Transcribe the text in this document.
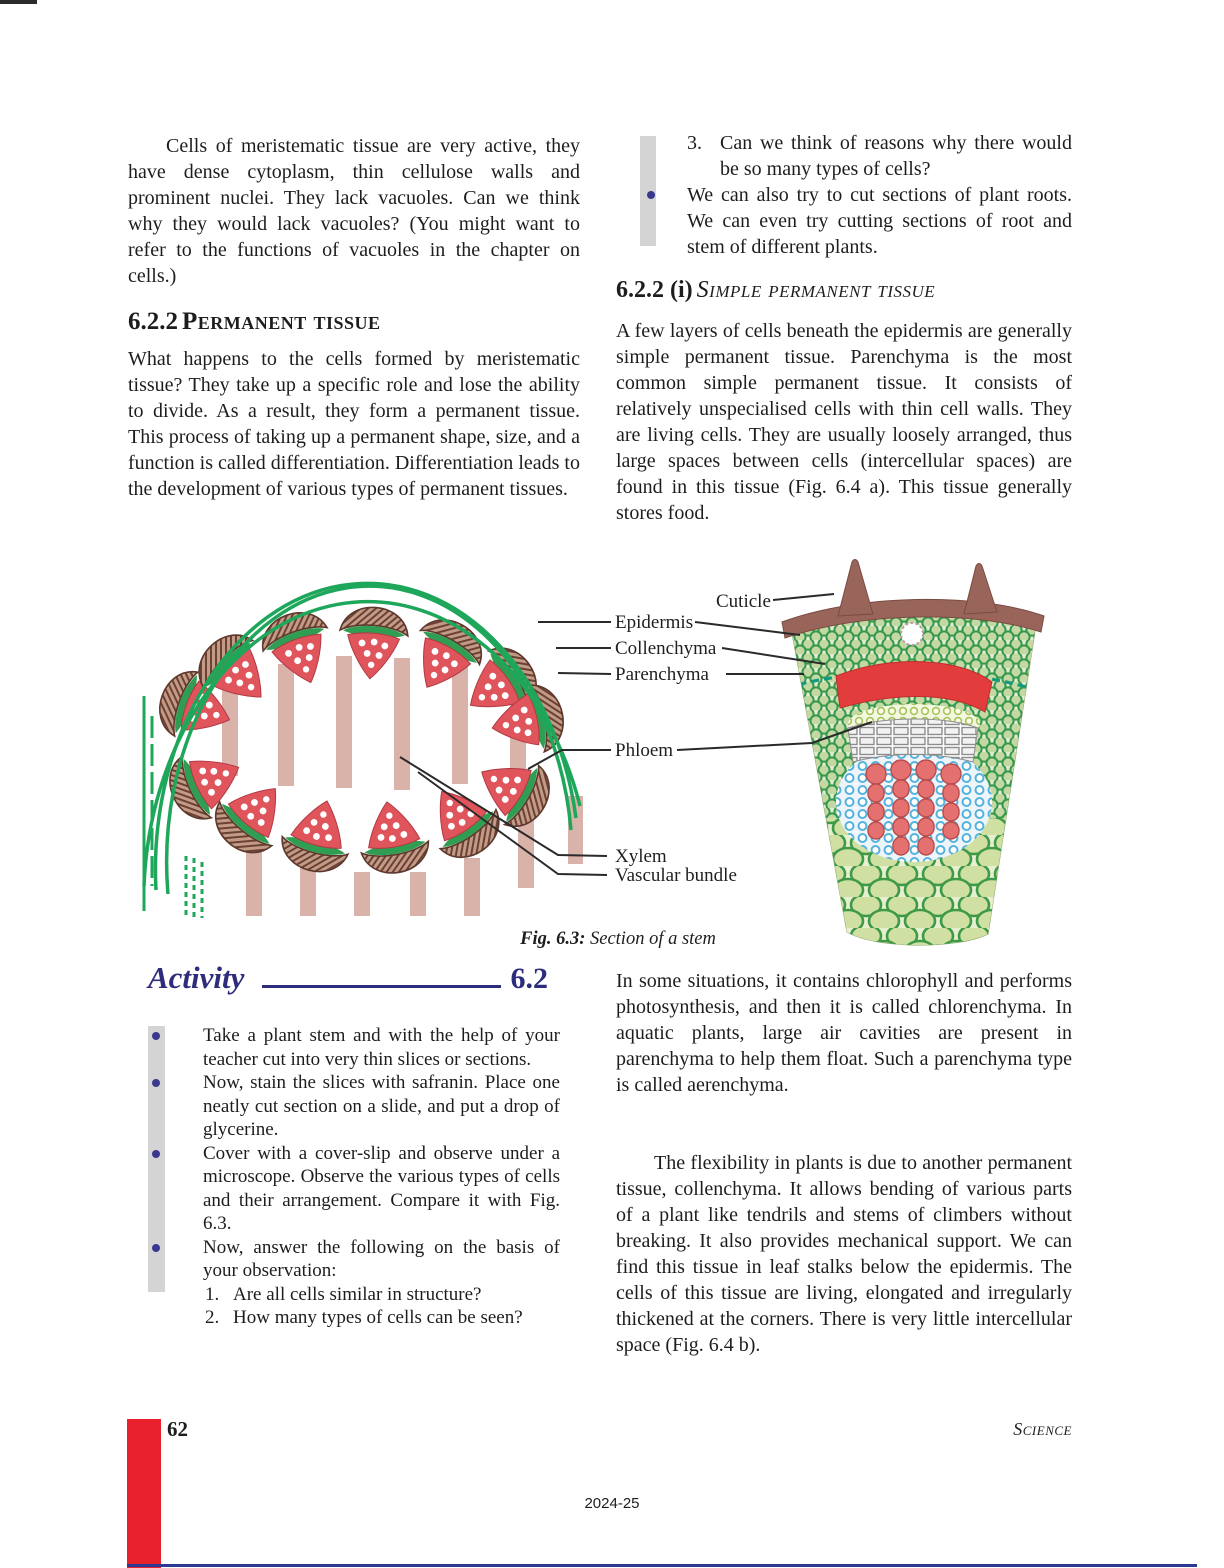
Cells of meristematic tissue are very active, they have dense cytoplasm, thin cellulose walls and prominent nuclei. They lack vacuoles. Can we think why they would lack vacuoles? (You might want to refer to the functions of vacuoles in the chapter on cells.)

3. Can we think of reasons why there would be so many types of cells?
We can also try to cut sections of plant roots. We can even try cutting sections of root and stem of different plants.
6.2.2 Permanent tissue

What happens to the cells formed by meristematic tissue? They take up a specific role and lose the ability to divide. As a result, they form a permanent tissue. This process of taking up a permanent shape, size, and a function is called differentiation. Differentiation leads to the development of various types of permanent tissues.

6.2.2 (i) Simple permanent tissue

A few layers of cells beneath the epidermis are generally simple permanent tissue. Parenchyma is the most common simple permanent tissue. It consists of relatively unspecialised cells with thin cell walls. They are living cells. They are usually loosely arranged, thus large spaces between cells (intercellular spaces) are found in this tissue (Fig. 6.4 a). This tissue generally stores food.

Cuticle
Epidermis
Collenchyma
Parenchyma
Phloem
Xylem
Vascular bundle
Fig. 6.3: Section of a stem
Activity	6.2
Take a plant stem and with the help of your teacher cut into very thin slices or sections.
Now, stain the slices with safranin. Place one neatly cut section on a slide, and put a drop of glycerine.
Cover with a cover-slip and observe under a microscope. Observe the various types of cells and their arrangement. Compare it with Fig. 6.3.
Now, answer the following on the basis of your observation:
1. Are all cells similar in structure?
2. How many types of cells can be seen?

In some situations, it contains chlorophyll and performs photosynthesis, and then it is called chlorenchyma. In aquatic plants, large air cavities are present in parenchyma to help them float. Such a parenchyma type is called aerenchyma.

The flexibility in plants is due to another permanent tissue, collenchyma. It allows bending of various parts of a plant like tendrils and stems of climbers without breaking. It also provides mechanical support. We can find this tissue in leaf stalks below the epidermis. The cells of this tissue are living, elongated and irregularly thickened at the corners. There is very little intercellular space (Fig. 6.4 b).

62	Science
2024-25
